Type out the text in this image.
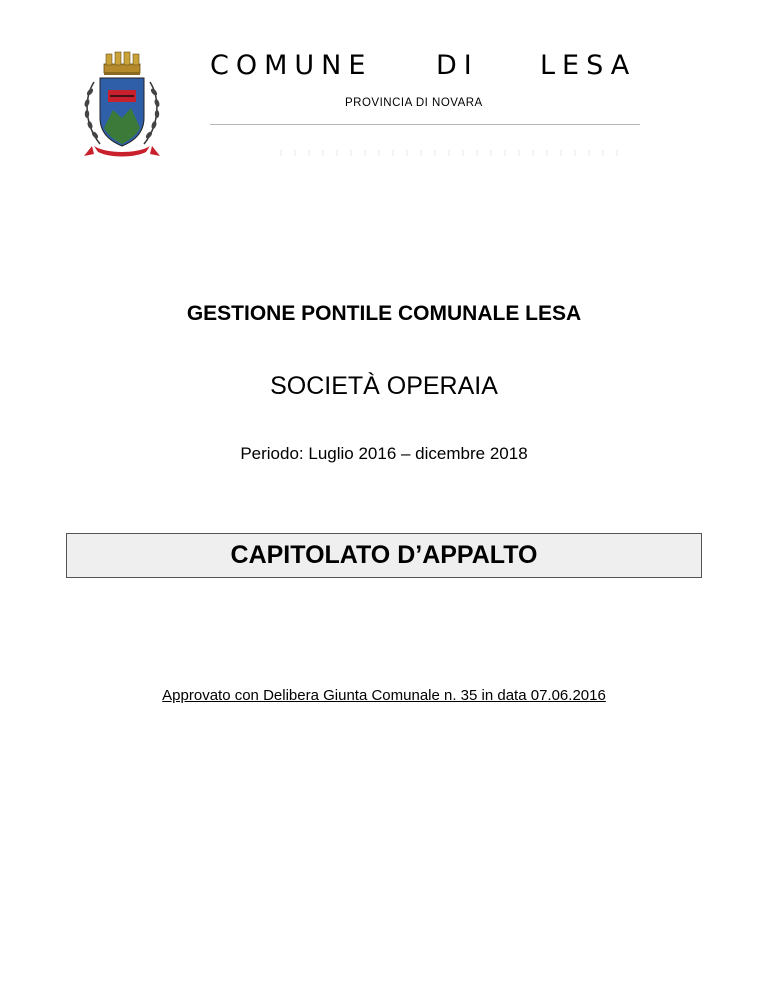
COMUNE DI LESA
PROVINCIA DI NOVARA
GESTIONE PONTILE COMUNALE LESA
SOCIETÀ OPERAIA
Periodo: Luglio 2016 – dicembre 2018
CAPITOLATO D’APPALTO
Approvato con Delibera Giunta Comunale n. 35 in data 07.06.2016
